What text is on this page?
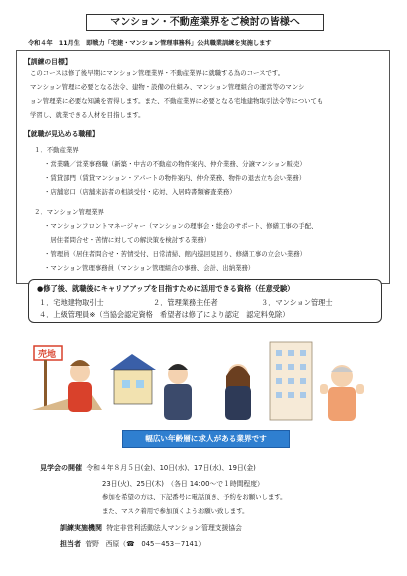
マンション・不動産業界をご検討の皆様へ
令和４年　11月生　即戦力「宅建・マンション管理事務科」公共職業訓練を実施します
【訓練の目標】
このコースは修了後早期にマンション管理業界・不動産業界に就職する為のコースです。
マンション管理に必要となる法令、建物・設備の仕組み、マンション管理組合の運営等のマンシ
ョン管理業に必要な知識を習得します。また、不動産業界に必要となる宅地建物取引法令等についても
学習し、就業できる人材を目指します。
【就職が見込める職種】
１．不動産業界
・営業職／営業事務職（新築・中古の不動産の物件案内、仲介業務、分譲マンション販売）
・賃貸部門（賃貸マンション・アパートの物件案内、仲介業務、物件の退去立ち会い業務）
・店舗窓口（店舗来訪者の相談受付・応対、入居時書類審査業務）
２．マンション管理業界
・マンションフロントマネージャー（マンションの理事会・総会のサポート、修繕工事の手配、
　居住者問合せ・苦情に対しての解決策を検討する業務）
・管理員（居住者問合せ・苦情受付、日常清掃、館内巡回見回り、修繕工事の立会い業務）
・マンション管理事務員（マンション管理組合の事務、会計、出納業務）
●修了後、就職後にキャリアアップを目指すために活用できる資格（任意受験）
１．宅地建物取引士	２．管理業務主任者	３．マンション管理士
４．上級管理員※（当協会認定資格　希望者は修了により認定　認定料免除）
売地
幅広い年齢層に求人がある業界です
見学会の開催 令和４年８月５日(金)、10日(水)、17日(水)、19日(金)
23日(火)、25日(木)　（各日 14:00～で１時間程度）
参加を希望の方は、下記番号に電話頂き、予約をお願いします。
また、マスク着用で参加頂くようお願い致します。
訓練実施機関 特定非営利活動法人マンション管理支援協会
担当者 菅野　西原（☎　045－453－7141）
